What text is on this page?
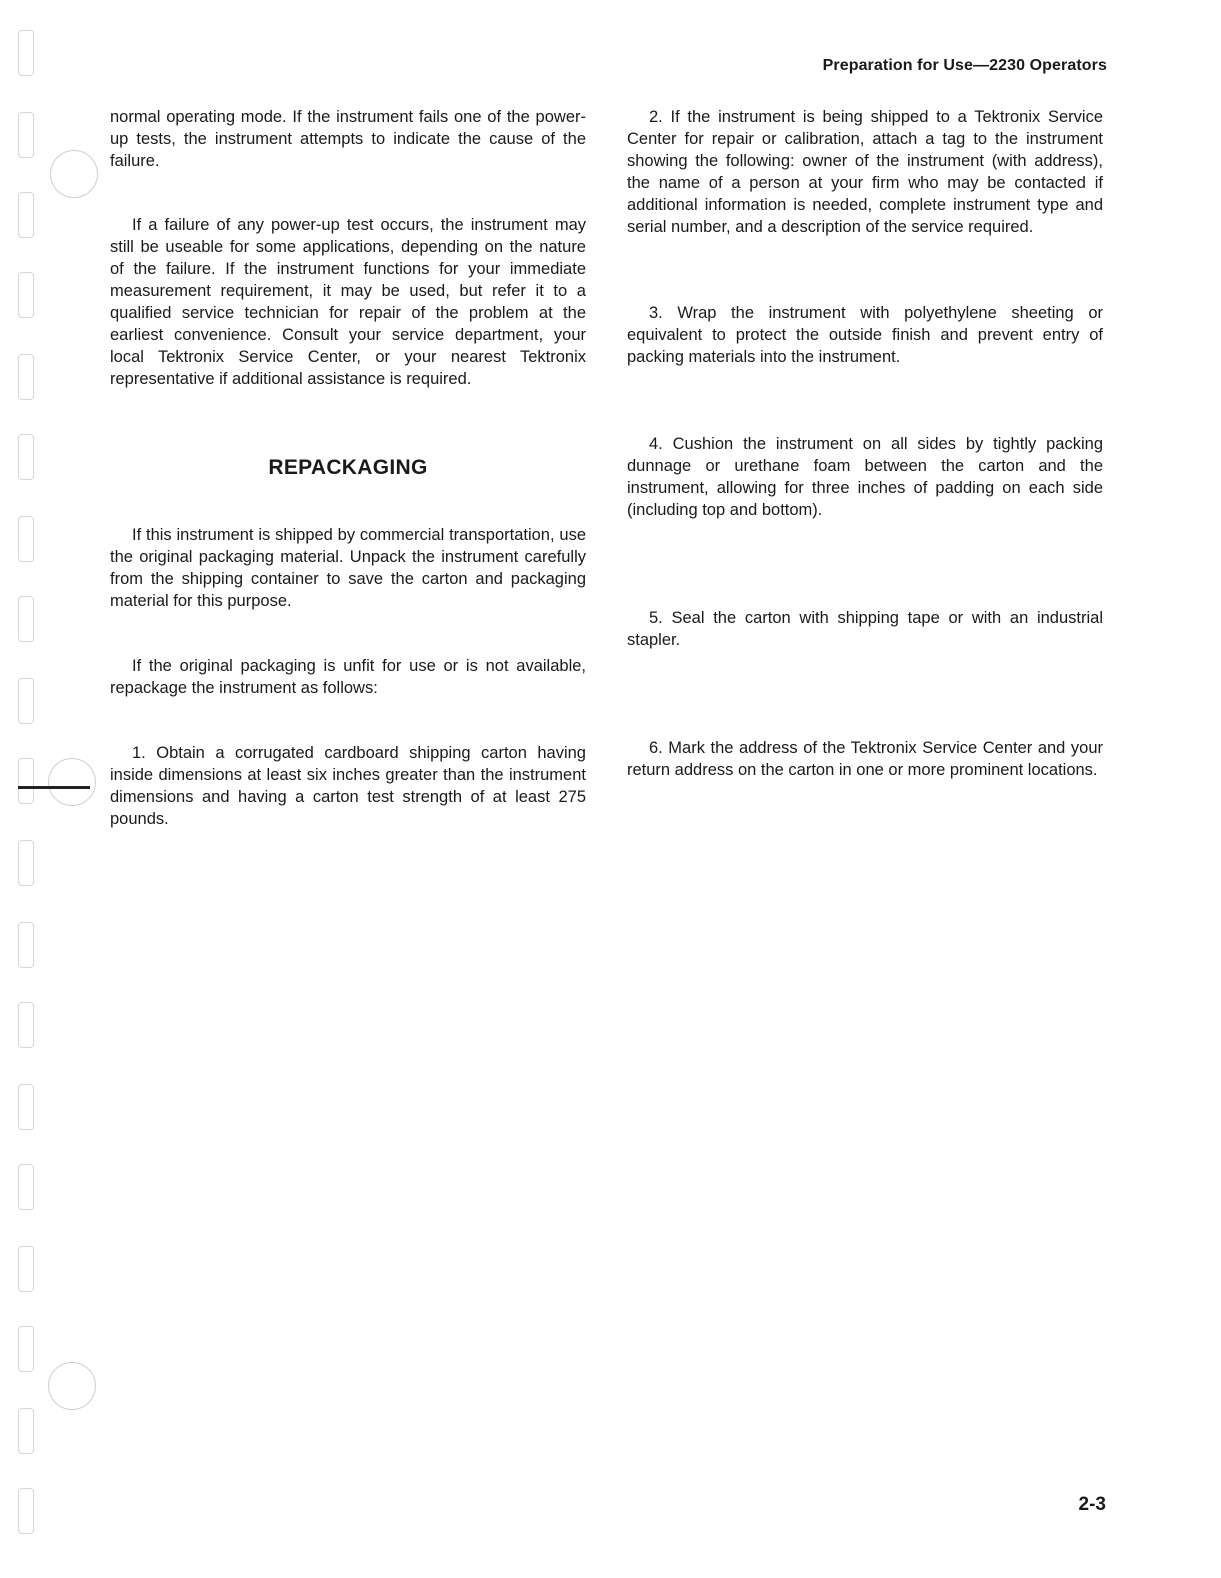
Preparation for Use—2230 Operators

normal operating mode. If the instrument fails one of the power-up tests, the instrument attempts to indicate the cause of the failure.

If a failure of any power-up test occurs, the instrument may still be useable for some applications, depending on the nature of the failure. If the instrument functions for your immediate measurement requirement, it may be used, but refer it to a qualified service technician for repair of the problem at the earliest convenience. Consult your service department, your local Tektronix Service Center, or your nearest Tektronix representative if additional assistance is required.

REPACKAGING

If this instrument is shipped by commercial transportation, use the original packaging material. Unpack the instrument carefully from the shipping container to save the carton and packaging material for this purpose.

If the original packaging is unfit for use or is not available, repackage the instrument as follows:

1. Obtain a corrugated cardboard shipping carton having inside dimensions at least six inches greater than the instrument dimensions and having a carton test strength of at least 275 pounds.

2. If the instrument is being shipped to a Tektronix Service Center for repair or calibration, attach a tag to the instrument showing the following: owner of the instrument (with address), the name of a person at your firm who may be contacted if additional information is needed, complete instrument type and serial number, and a description of the service required.

3. Wrap the instrument with polyethylene sheeting or equivalent to protect the outside finish and prevent entry of packing materials into the instrument.

4. Cushion the instrument on all sides by tightly packing dunnage or urethane foam between the carton and the instrument, allowing for three inches of padding on each side (including top and bottom).

5. Seal the carton with shipping tape or with an industrial stapler.

6. Mark the address of the Tektronix Service Center and your return address on the carton in one or more prominent locations.

2-3
